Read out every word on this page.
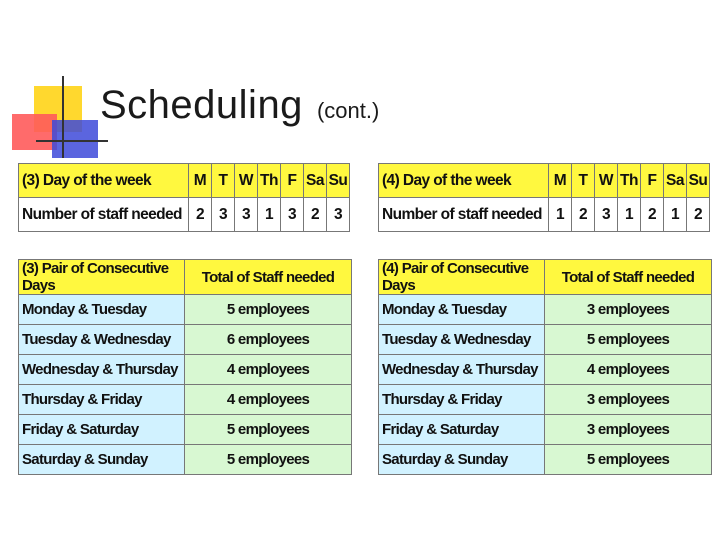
Scheduling (cont.)
(3) Day of the week	M	T	W	Th	F	Sa	Su
Number of staff needed	2	3	3	1	3	2	3
(4) Day of the week	M	T	W	Th	F	Sa	Su
Number of staff needed	1	2	3	1	2	1	2
(3) Pair of Consecutive Days	Total of Staff needed
Monday & Tuesday	5 employees
Tuesday & Wednesday	6 employees
Wednesday & Thursday	4 employees
Thursday & Friday	4 employees
Friday & Saturday	5 employees
Saturday & Sunday	5 employees
(4) Pair of Consecutive Days	Total of Staff needed
Monday & Tuesday	3 employees
Tuesday & Wednesday	5 employees
Wednesday & Thursday	4 employees
Thursday & Friday	3 employees
Friday & Saturday	3 employees
Saturday & Sunday	5 employees
